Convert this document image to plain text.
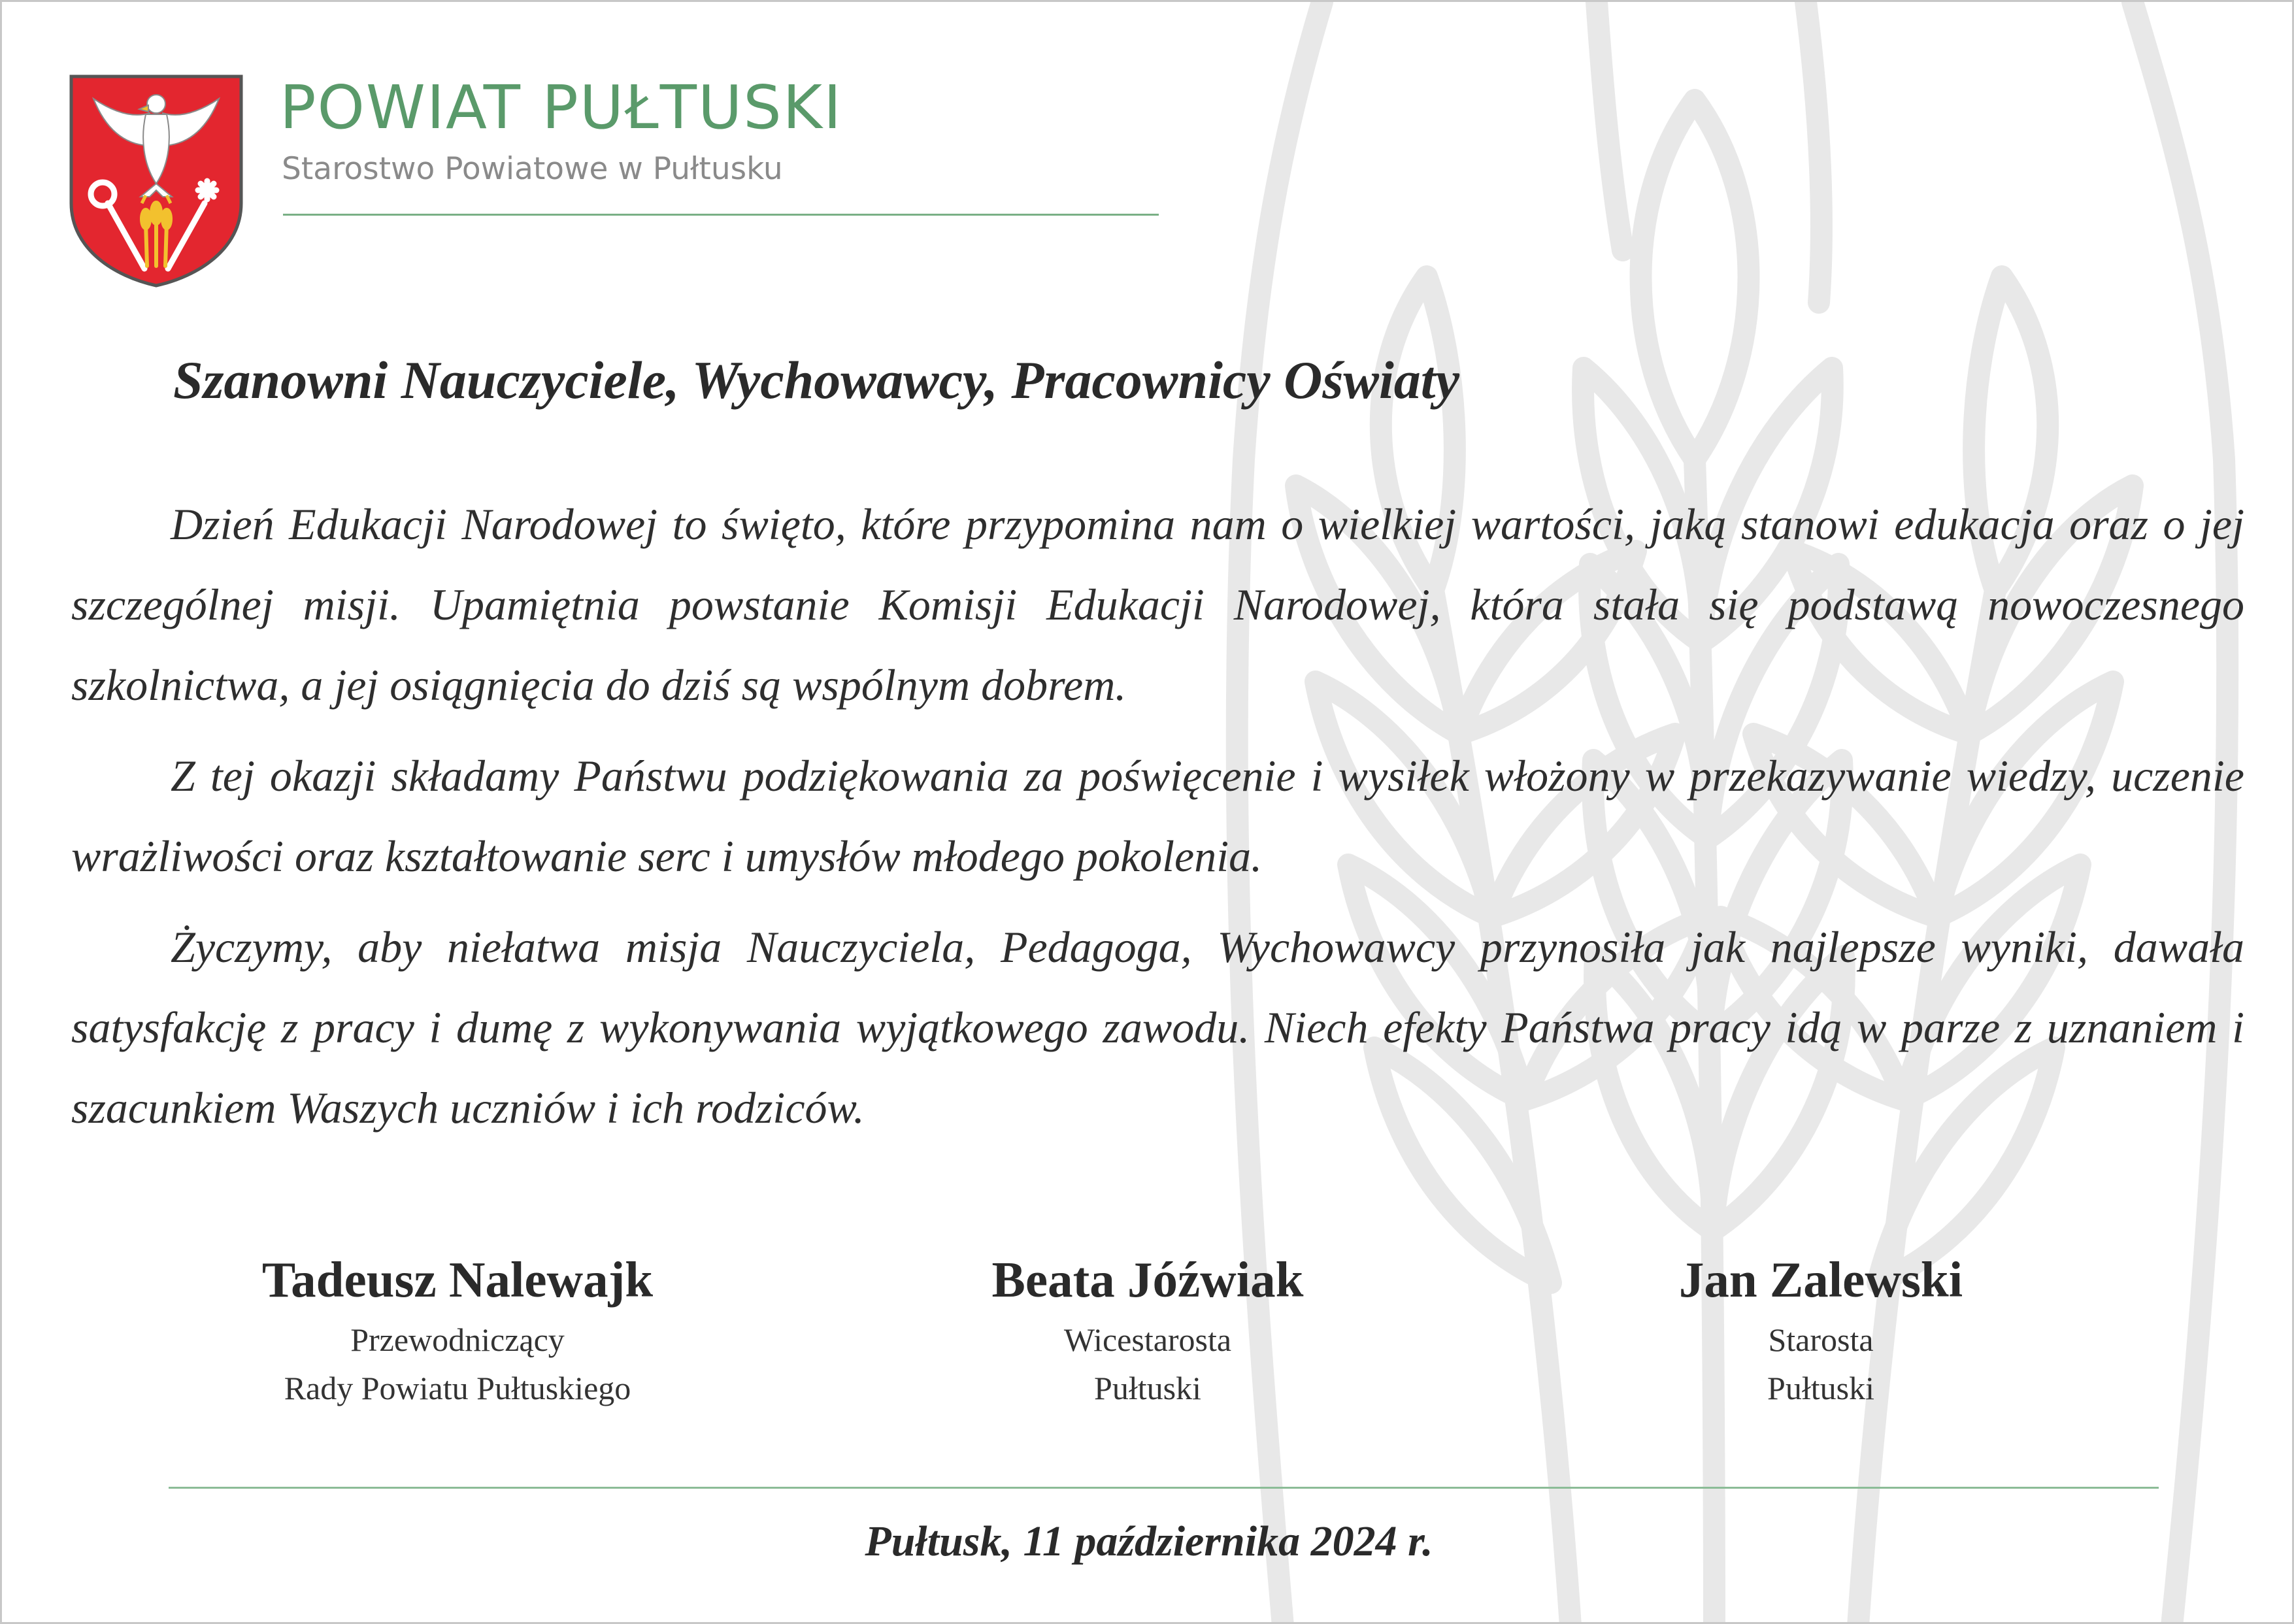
POWIAT PUŁTUSKI
Starostwo Powiatowe w Pułtusku
Szanowni Nauczyciele, Wychowawcy, Pracownicy Oświaty

Dzień Edukacji Narodowej to święto, które przypomina nam o wielkiej wartości, jaką stanowi edukacja oraz o jej szczególnej misji. Upamiętnia powstanie Komisji Edukacji Narodowej, która stała się podstawą nowoczesnego szkolnictwa, a jej osiągnięcia do dziś są wspólnym dobrem.

Z tej okazji składamy Państwu podziękowania za poświęcenie i wysiłek włożony w przekazywanie wiedzy, uczenie wrażliwości oraz kształtowanie serc i umysłów młodego pokolenia.

Życzymy, aby niełatwa misja Nauczyciela, Pedagoga, Wychowawcy przynosiła jak najlepsze wyniki, dawała satysfakcję z pracy i dumę z wykonywania wyjątkowego zawodu. Niech efekty Państwa pracy idą w parze z uznaniem i szacunkiem Waszych uczniów i ich rodziców.

Tadeusz Nalewajk
Przewodniczący
Rady Powiatu Pułtuskiego
Beata Jóźwiak
Wicestarosta
Pułtuski
Jan Zalewski
Starosta
Pułtuski
Pułtusk, 11 października 2024 r.
